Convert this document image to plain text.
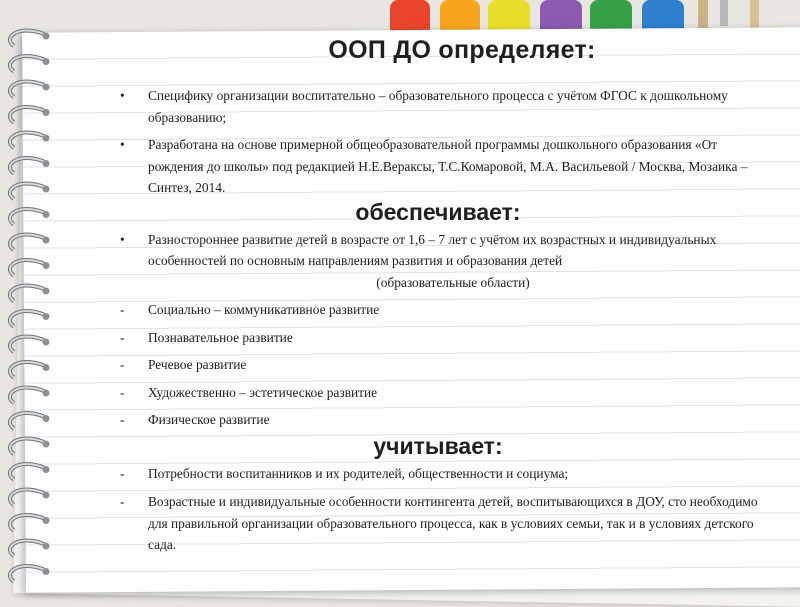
ООП ДО определяет:
• Специфику организации воспитательно – образовательного процесса с учётом ФГОС к дошкольному образованию;
• Разработана на основе примерной общеобразовательной программы дошкольного образования «От рождения до школы» под редакцией Н.Е.Вераксы, Т.С.Комаровой, М.А. Васильевой / Москва, Мозаика – Синтез, 2014.
обеспечивает:
• Разностороннее развитие детей в возрасте от 1,6 – 7 лет с учётом их возрастных и индивидуальных особенностей по основным направлениям развития и образования детей
(образовательные области)
- Социально – коммуникативное развитие
- Познавательное развитие
- Речевое развитие
- Художественно – эстетическое развитие
- Физическое развитие
учитывает:
- Потребности воспитанников и их родителей, общественности и социума;
- Возрастные и индивидуальные особенности контингента детей, воспитывающихся в ДОУ, сто необходимо для правильной организации образовательного процесса, как в условиях семьи, так и в условиях детского сада.
